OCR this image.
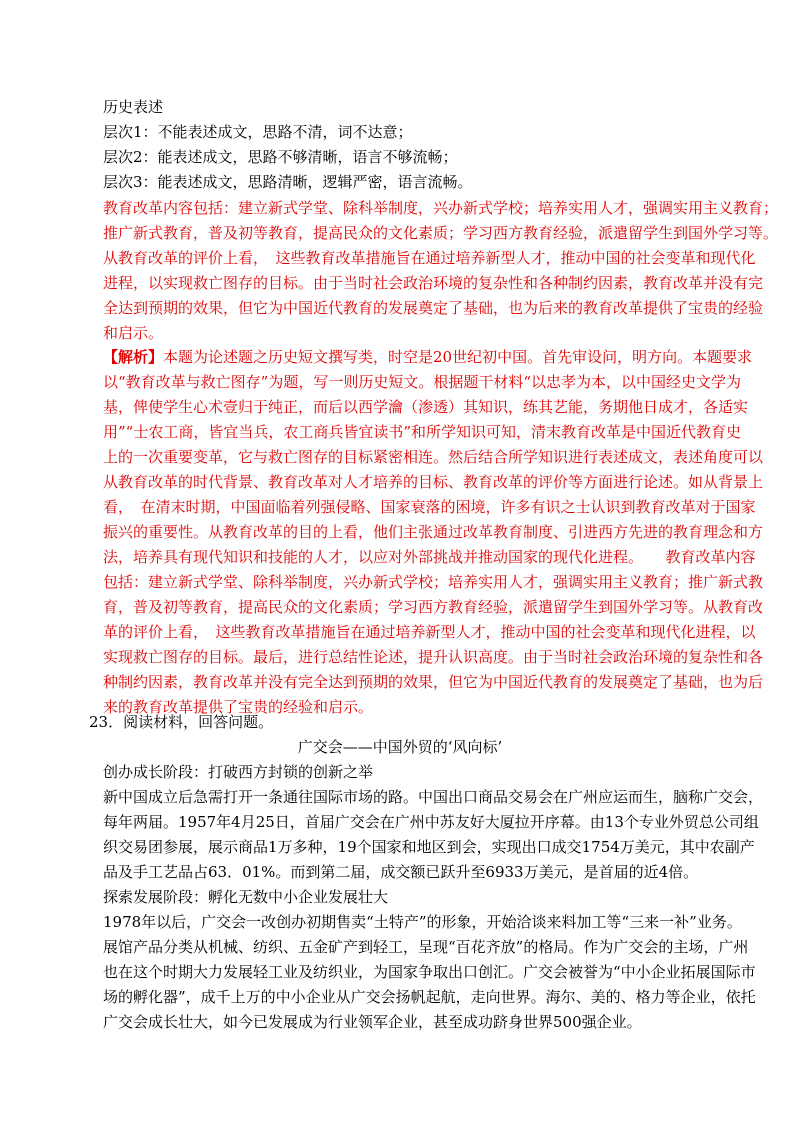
历史表述
层次1：不能表述成文，思路不清，词不达意；
层次2：能表述成文，思路不够清晰，语言不够流畅；
层次3：能表述成文，思路清晰，逻辑严密，语言流畅。
教育改革内容包括：建立新式学堂、除科举制度，兴办新式学校；培养实用人才，强调实用主义教育；
推广新式教育，普及初等教育，提高民众的文化素质；学习西方教育经验，派遣留学生到国外学习等。
从教育改革的评价上看，　这些教育改革措施旨在通过培养新型人才，推动中国的社会变革和现代化
进程，以实现救亡图存的目标。由于当时社会政治环境的复杂性和各种制约因素，教育改革并没有完
全达到预期的效果，但它为中国近代教育的发展奠定了基础，也为后来的教育改革提供了宝贵的经验
和启示。
【解析】本题为论述题之历史短文撰写类，时空是20世纪初中国。首先审设问，明方向。本题要求
以“教育改革与救亡图存”为题，写一则历史短文。根据题干材料“以忠孝为本，以中国经史文学为
基，俾使学生心术壹归于纯正，而后以西学瀹（渗透）其知识，练其艺能，务期他日成才，各适实
用”“士农工商，皆宜当兵，农工商兵皆宜读书”和所学知识可知，清末教育改革是中国近代教育史
上的一次重要变革，它与救亡图存的目标紧密相连。然后结合所学知识进行表述成文，表述角度可以
从教育改革的时代背景、教育改革对人才培养的目标、教育改革的评价等方面进行论述。如从背景上
看，　在清末时期，中国面临着列强侵略、国家衰落的困境，许多有识之士认识到教育改革对于国家
振兴的重要性。从教育改革的目的上看，他们主张通过改革教育制度、引进西方先进的教育理念和方
法，培养具有现代知识和技能的人才，以应对外部挑战并推动国家的现代化进程。　　教育改革内容
包括：建立新式学堂、除科举制度，兴办新式学校；培养实用人才，强调实用主义教育；推广新式教
育，普及初等教育，提高民众的文化素质；学习西方教育经验，派遣留学生到国外学习等。从教育改
革的评价上看，　这些教育改革措施旨在通过培养新型人才，推动中国的社会变革和现代化进程，以
实现救亡图存的目标。最后，进行总结性论述，提升认识高度。由于当时社会政治环境的复杂性和各
种制约因素，教育改革并没有完全达到预期的效果，但它为中国近代教育的发展奠定了基础，也为后
来的教育改革提供了宝贵的经验和启示。
23．阅读材料，回答问题。
广交会——中国外贸的‘风向标’
创办成长阶段：打破西方封锁的创新之举
新中国成立后急需打开一条通往国际市场的路。中国出口商品交易会在广州应运而生，脑称广交会，
每年两届。1957年4月25日，首届广交会在广州中苏友好大厦拉开序幕。由13个专业外贸总公司组
织交易团参展，展示商品1万多种，19个国家和地区到会，实现出口成交1754万美元，其中农副产
品及手工艺品占63．01%。而到第二届，成交额已跃升至6933万美元，是首届的近4倍。
探索发展阶段：孵化无数中小企业发展壮大
1978年以后，广交会一改创办初期售卖“土特产”的形象，开始洽谈来料加工等“三来一补”业务。
展馆产品分类从机械、纺织、五金矿产到轻工，呈现“百花齐放”的格局。作为广交会的主场，广州
也在这个时期大力发展轻工业及纺织业，为国家争取出口创汇。广交会被誉为“中小企业拓展国际市
场的孵化器”，成千上万的中小企业从广交会扬帆起航，走向世界。海尔、美的、格力等企业，依托
广交会成长壮大，如今已发展成为行业领军企业，甚至成功跻身世界500强企业。
